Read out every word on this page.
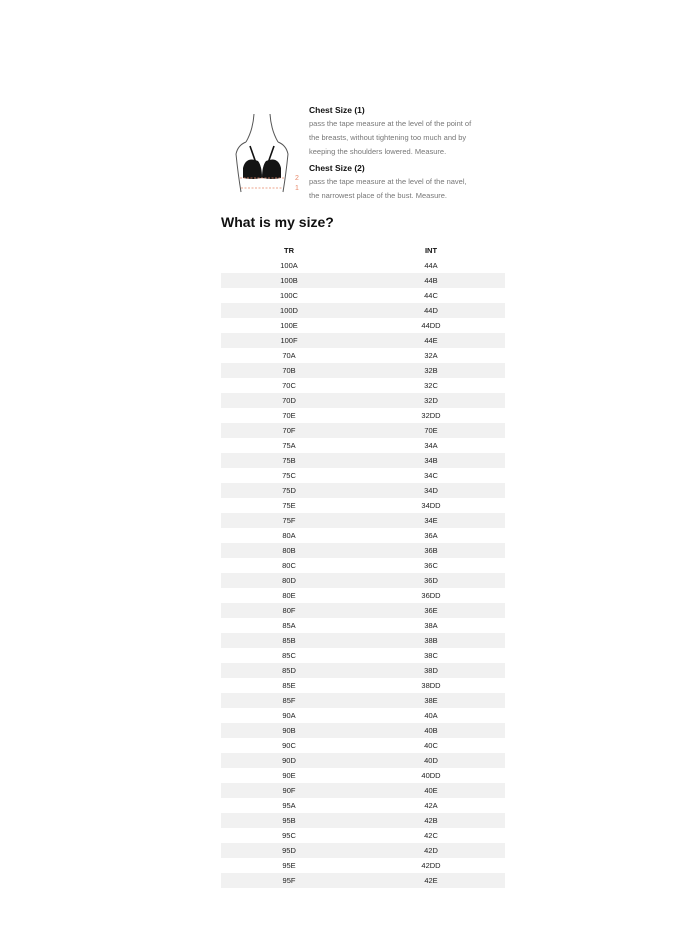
2
1
Chest Size (1)
pass the tape measure at the level of the point of
the breasts, without tightening too much and by
keeping the shoulders lowered. Measure.
Chest Size (2)
pass the tape measure at the level of the navel,
the narrowest place of the bust. Measure.
What is my size?
TR	INT
100A	44A
100B	44B
100C	44C
100D	44D
100E	44DD
100F	44E
70A	32A
70B	32B
70C	32C
70D	32D
70E	32DD
70F	70E
75A	34A
75B	34B
75C	34C
75D	34D
75E	34DD
75F	34E
80A	36A
80B	36B
80C	36C
80D	36D
80E	36DD
80F	36E
85A	38A
85B	38B
85C	38C
85D	38D
85E	38DD
85F	38E
90A	40A
90B	40B
90C	40C
90D	40D
90E	40DD
90F	40E
95A	42A
95B	42B
95C	42C
95D	42D
95E	42DD
95F	42E
